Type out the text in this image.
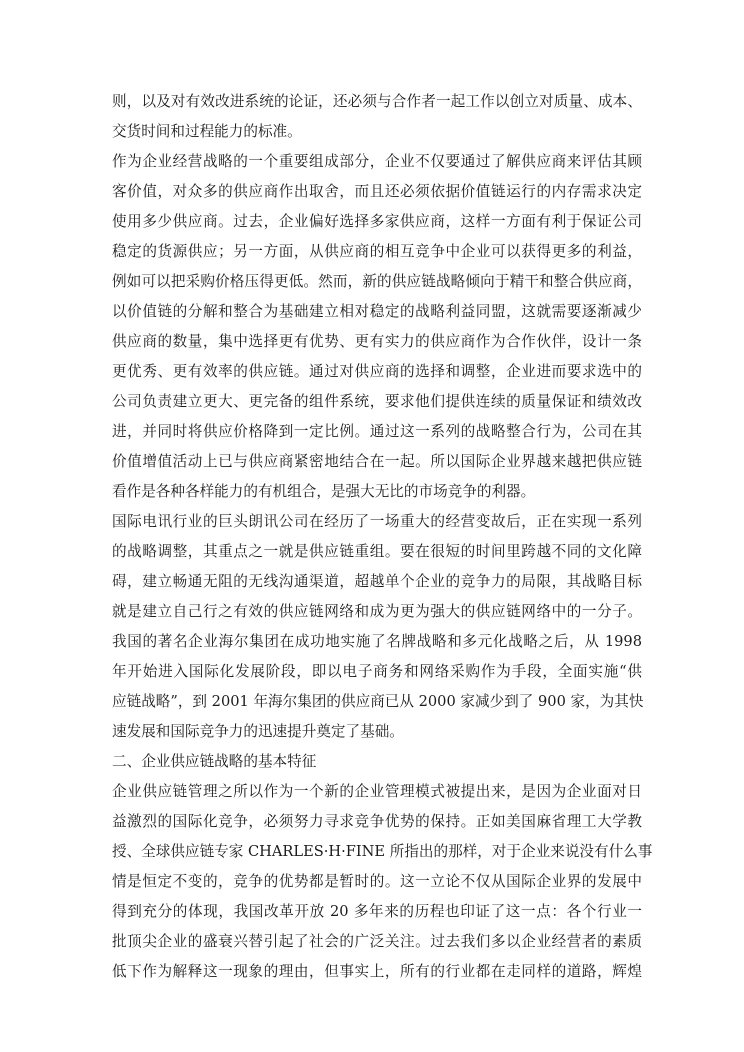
则，以及对有效改进系统的论证，还必须与合作者一起工作以创立对质量、成本、
交货时间和过程能力的标准。
作为企业经营战略的一个重要组成部分，企业不仅要通过了解供应商来评估其顾
客价值，对众多的供应商作出取舍，而且还必须依据价值链运行的内存需求决定
使用多少供应商。过去，企业偏好选择多家供应商，这样一方面有利于保证公司
稳定的货源供应；另一方面，从供应商的相互竞争中企业可以获得更多的利益，
例如可以把采购价格压得更低。然而，新的供应链战略倾向于精干和整合供应商，
以价值链的分解和整合为基础建立相对稳定的战略利益同盟，这就需要逐渐减少
供应商的数量，集中选择更有优势、更有实力的供应商作为合作伙伴，设计一条
更优秀、更有效率的供应链。通过对供应商的选择和调整，企业进而要求选中的
公司负责建立更大、更完备的组件系统，要求他们提供连续的质量保证和绩效改
进，并同时将供应价格降到一定比例。通过这一系列的战略整合行为，公司在其
价值增值活动上已与供应商紧密地结合在一起。所以国际企业界越来越把供应链
看作是各种各样能力的有机组合，是强大无比的市场竞争的利器。
国际电讯行业的巨头朗讯公司在经历了一场重大的经营变故后，正在实现一系列
的战略调整，其重点之一就是供应链重组。要在很短的时间里跨越不同的文化障
碍，建立畅通无阻的无线沟通渠道，超越单个企业的竞争力的局限，其战略目标
就是建立自己行之有效的供应链网络和成为更为强大的供应链网络中的一分子。
我国的著名企业海尔集团在成功地实施了名牌战略和多元化战略之后，从 1998
年开始进入国际化发展阶段，即以电子商务和网络采购作为手段，全面实施“供
应链战略”，到 2001 年海尔集团的供应商已从 2000 家减少到了 900 家，为其快
速发展和国际竞争力的迅速提升奠定了基础。
二、企业供应链战略的基本特征
企业供应链管理之所以作为一个新的企业管理模式被提出来，是因为企业面对日
益激烈的国际化竞争，必须努力寻求竞争优势的保持。正如美国麻省理工大学教
授、全球供应链专家 CHARLES·H·FINE 所指出的那样，对于企业来说没有什么事
情是恒定不变的，竞争的优势都是暂时的。这一立论不仅从国际企业界的发展中
得到充分的体现，我国改革开放 20 多年来的历程也印证了这一点：各个行业一
批顶尖企业的盛衰兴替引起了社会的广泛关注。过去我们多以企业经营者的素质
低下作为解释这一现象的理由，但事实上，所有的行业都在走同样的道路，辉煌
